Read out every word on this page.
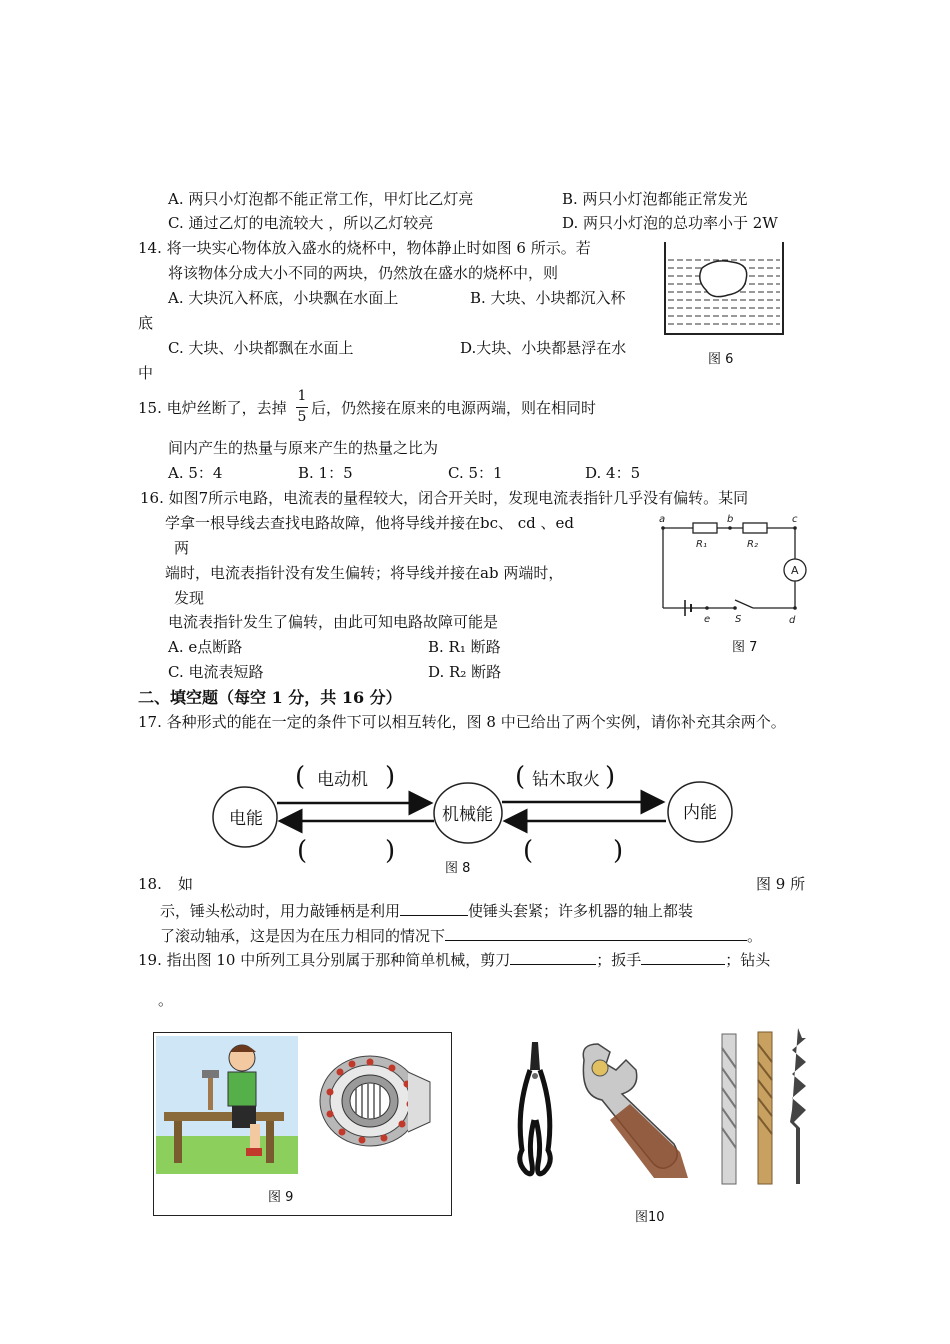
A. 两只小灯泡都不能正常工作，甲灯比乙灯亮	B. 两只小灯泡都能正常发光
C. 通过乙灯的电流较大 ，所以乙灯较亮	D. 两只小灯泡的总功率小于 2W
14. 将一块实心物体放入盛水的烧杯中，物体静止时如图 6 所示。若
将该物体分成大小不同的两块，仍然放在盛水的烧杯中，则
A. 大块沉入杯底，小块飘在水面上	B. 大块、小块都沉入杯
底
C. 大块、小块都飘在水面上	D.大块、小块都悬浮在水
中
图 6
15. 电炉丝断了，去掉
1
5 后，仍然接在原来的电源两端，则在相同时
间内产生的热量与原来产生的热量之比为
A. 5：4	B. 1：5	C. 5：1	D. 4：5
16. 如图7所示电路，电流表的量程较大，闭合开关时，发现电流表指针几乎没有偏转。某同
学拿一根导线去查找电路故障，他将导线并接在bc、 cd 、ed
两
端时，电流表指针没有发生偏转；将导线并接在ab 两端时，
发现
电流表指针发生了偏转，由此可知电路故障可能是
A. e点断路	B. R₁ 断路
C. 电流表短路	D. R₂ 断路
a	b	c
d
e S
R₁	R₂
A
图 7
二、填空题（每空 1 分，共 16 分）
17. 各种形式的能在一定的条件下可以相互转化，图 8 中已给出了两个实例，请你补充其余两个。
电能	机械能	内能
电动机	钻木取火
(	)	(	)
(	)	(	)
图 8
18. 如	图 9 所
示，锤头松动时，用力敲锤柄是利用	使锤头套紧；许多机器的轴上都装
了滚动轴承，这是因为在压力相同的情况下	。
19. 指出图 10 中所列工具分别属于那种简单机械，剪刀	；扳手	；钻头
。
图 9
图10
